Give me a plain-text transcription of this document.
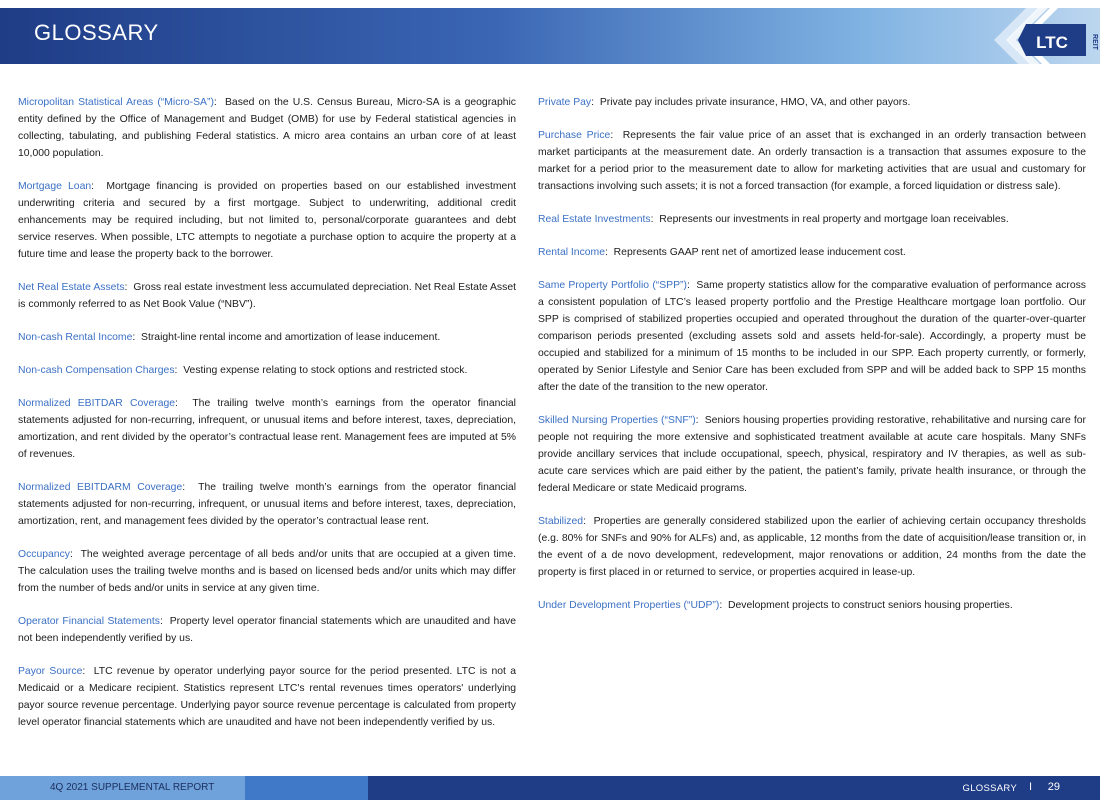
GLOSSARY	LTC	REIT

Micropolitan Statistical Areas (“Micro-SA”): Based on the U.S. Census Bureau, Micro-SA is a geographic entity defined by the Office of Management and Budget (OMB) for use by Federal statistical agencies in collecting, tabulating, and publishing Federal statistics. A micro area contains an urban core of at least 10,000 population.

Mortgage Loan: Mortgage financing is provided on properties based on our established investment underwriting criteria and secured by a first mortgage. Subject to underwriting, additional credit enhancements may be required including, but not limited to, personal/corporate guarantees and debt service reserves. When possible, LTC attempts to negotiate a purchase option to acquire the property at a future time and lease the property back to the borrower.

Net Real Estate Assets: Gross real estate investment less accumulated depreciation. Net Real Estate Asset is commonly referred to as Net Book Value (“NBV”).

Non-cash Rental Income: Straight-line rental income and amortization of lease inducement.

Non-cash Compensation Charges: Vesting expense relating to stock options and restricted stock.

Normalized EBITDAR Coverage: The trailing twelve month’s earnings from the operator financial statements adjusted for non-recurring, infrequent, or unusual items and before interest, taxes, depreciation, amortization, and rent divided by the operator’s contractual lease rent. Management fees are imputed at 5% of revenues.

Normalized EBITDARM Coverage: The trailing twelve month’s earnings from the operator financial statements adjusted for non-recurring, infrequent, or unusual items and before interest, taxes, depreciation, amortization, rent, and management fees divided by the operator’s contractual lease rent.

Occupancy: The weighted average percentage of all beds and/or units that are occupied at a given time. The calculation uses the trailing twelve months and is based on licensed beds and/or units which may differ from the number of beds and/or units in service at any given time.

Operator Financial Statements: Property level operator financial statements which are unaudited and have not been independently verified by us.

Payor Source: LTC revenue by operator underlying payor source for the period presented. LTC is not a Medicaid or a Medicare recipient. Statistics represent LTC's rental revenues times operators' underlying payor source revenue percentage. Underlying payor source revenue percentage is calculated from property level operator financial statements which are unaudited and have not been independently verified by us.

Private Pay: Private pay includes private insurance, HMO, VA, and other payors.

Purchase Price: Represents the fair value price of an asset that is exchanged in an orderly transaction between market participants at the measurement date. An orderly transaction is a transaction that assumes exposure to the market for a period prior to the measurement date to allow for marketing activities that are usual and customary for transactions involving such assets; it is not a forced transaction (for example, a forced liquidation or distress sale).

Real Estate Investments: Represents our investments in real property and mortgage loan receivables.

Rental Income: Represents GAAP rent net of amortized lease inducement cost.

Same Property Portfolio (“SPP”): Same property statistics allow for the comparative evaluation of performance across a consistent population of LTC’s leased property portfolio and the Prestige Healthcare mortgage loan portfolio. Our SPP is comprised of stabilized properties occupied and operated throughout the duration of the quarter-over-quarter comparison periods presented (excluding assets sold and assets held-for-sale). Accordingly, a property must be occupied and stabilized for a minimum of 15 months to be included in our SPP. Each property currently, or formerly, operated by Senior Lifestyle and Senior Care has been excluded from SPP and will be added back to SPP 15 months after the date of the transition to the new operator.

Skilled Nursing Properties (“SNF”): Seniors housing properties providing restorative, rehabilitative and nursing care for people not requiring the more extensive and sophisticated treatment available at acute care hospitals. Many SNFs provide ancillary services that include occupational, speech, physical, respiratory and IV therapies, as well as sub-acute care services which are paid either by the patient, the patient’s family, private health insurance, or through the federal Medicare or state Medicaid programs.

Stabilized: Properties are generally considered stabilized upon the earlier of achieving certain occupancy thresholds (e.g. 80% for SNFs and 90% for ALFs) and, as applicable, 12 months from the date of acquisition/lease transition or, in the event of a de novo development, redevelopment, major renovations or addition, 24 months from the date the property is first placed in or returned to service, or properties acquired in lease-up.

Under Development Properties (“UDP”): Development projects to construct seniors housing properties.

4Q 2021 SUPPLEMENTAL REPORT	GLOSSARY I 29
